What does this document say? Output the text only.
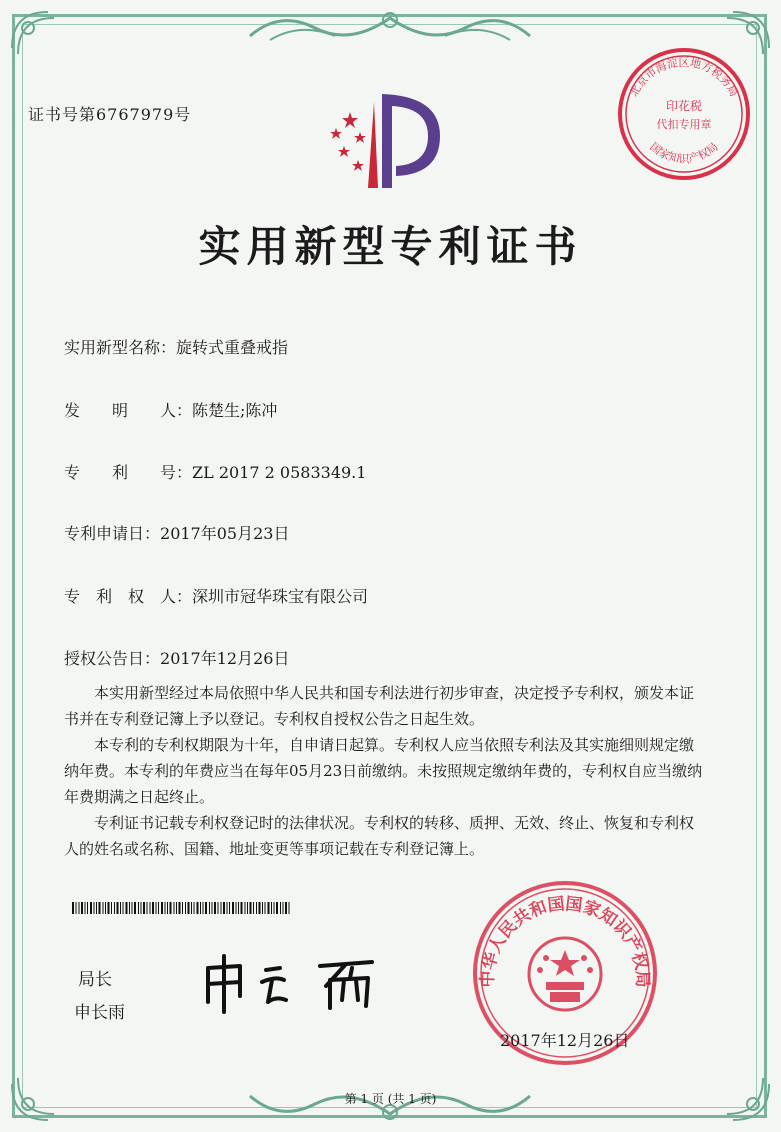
证书号第6767979号
北京市海淀区地方税务局
印花税
代扣专用章
国家知识产权局
实用新型专利证书
实用新型名称：旋转式重叠戒指
发　　明　　人：陈楚生;陈冲
专　　利　　号：ZL 2017 2 0583349.1
专利申请日：2017年05月23日
专　利　权　人：深圳市冠华珠宝有限公司
授权公告日：2017年12月26日

本实用新型经过本局依照中华人民共和国专利法进行初步审查，决定授予专利权，颁发本证书并在专利登记簿上予以登记。专利权自授权公告之日起生效。

本专利的专利权期限为十年，自申请日起算。专利权人应当依照专利法及其实施细则规定缴纳年费。本专利的年费应当在每年05月23日前缴纳。未按照规定缴纳年费的，专利权自应当缴纳年费期满之日起终止。

专利证书记载专利权登记时的法律状况。专利权的转移、质押、无效、终止、恢复和专利权人的姓名或名称、国籍、地址变更等事项记载在专利登记簿上。

局长
申长雨
中华人民共和国国家知识产权局
2017年12月26日
第 1 页 (共 1 页)
